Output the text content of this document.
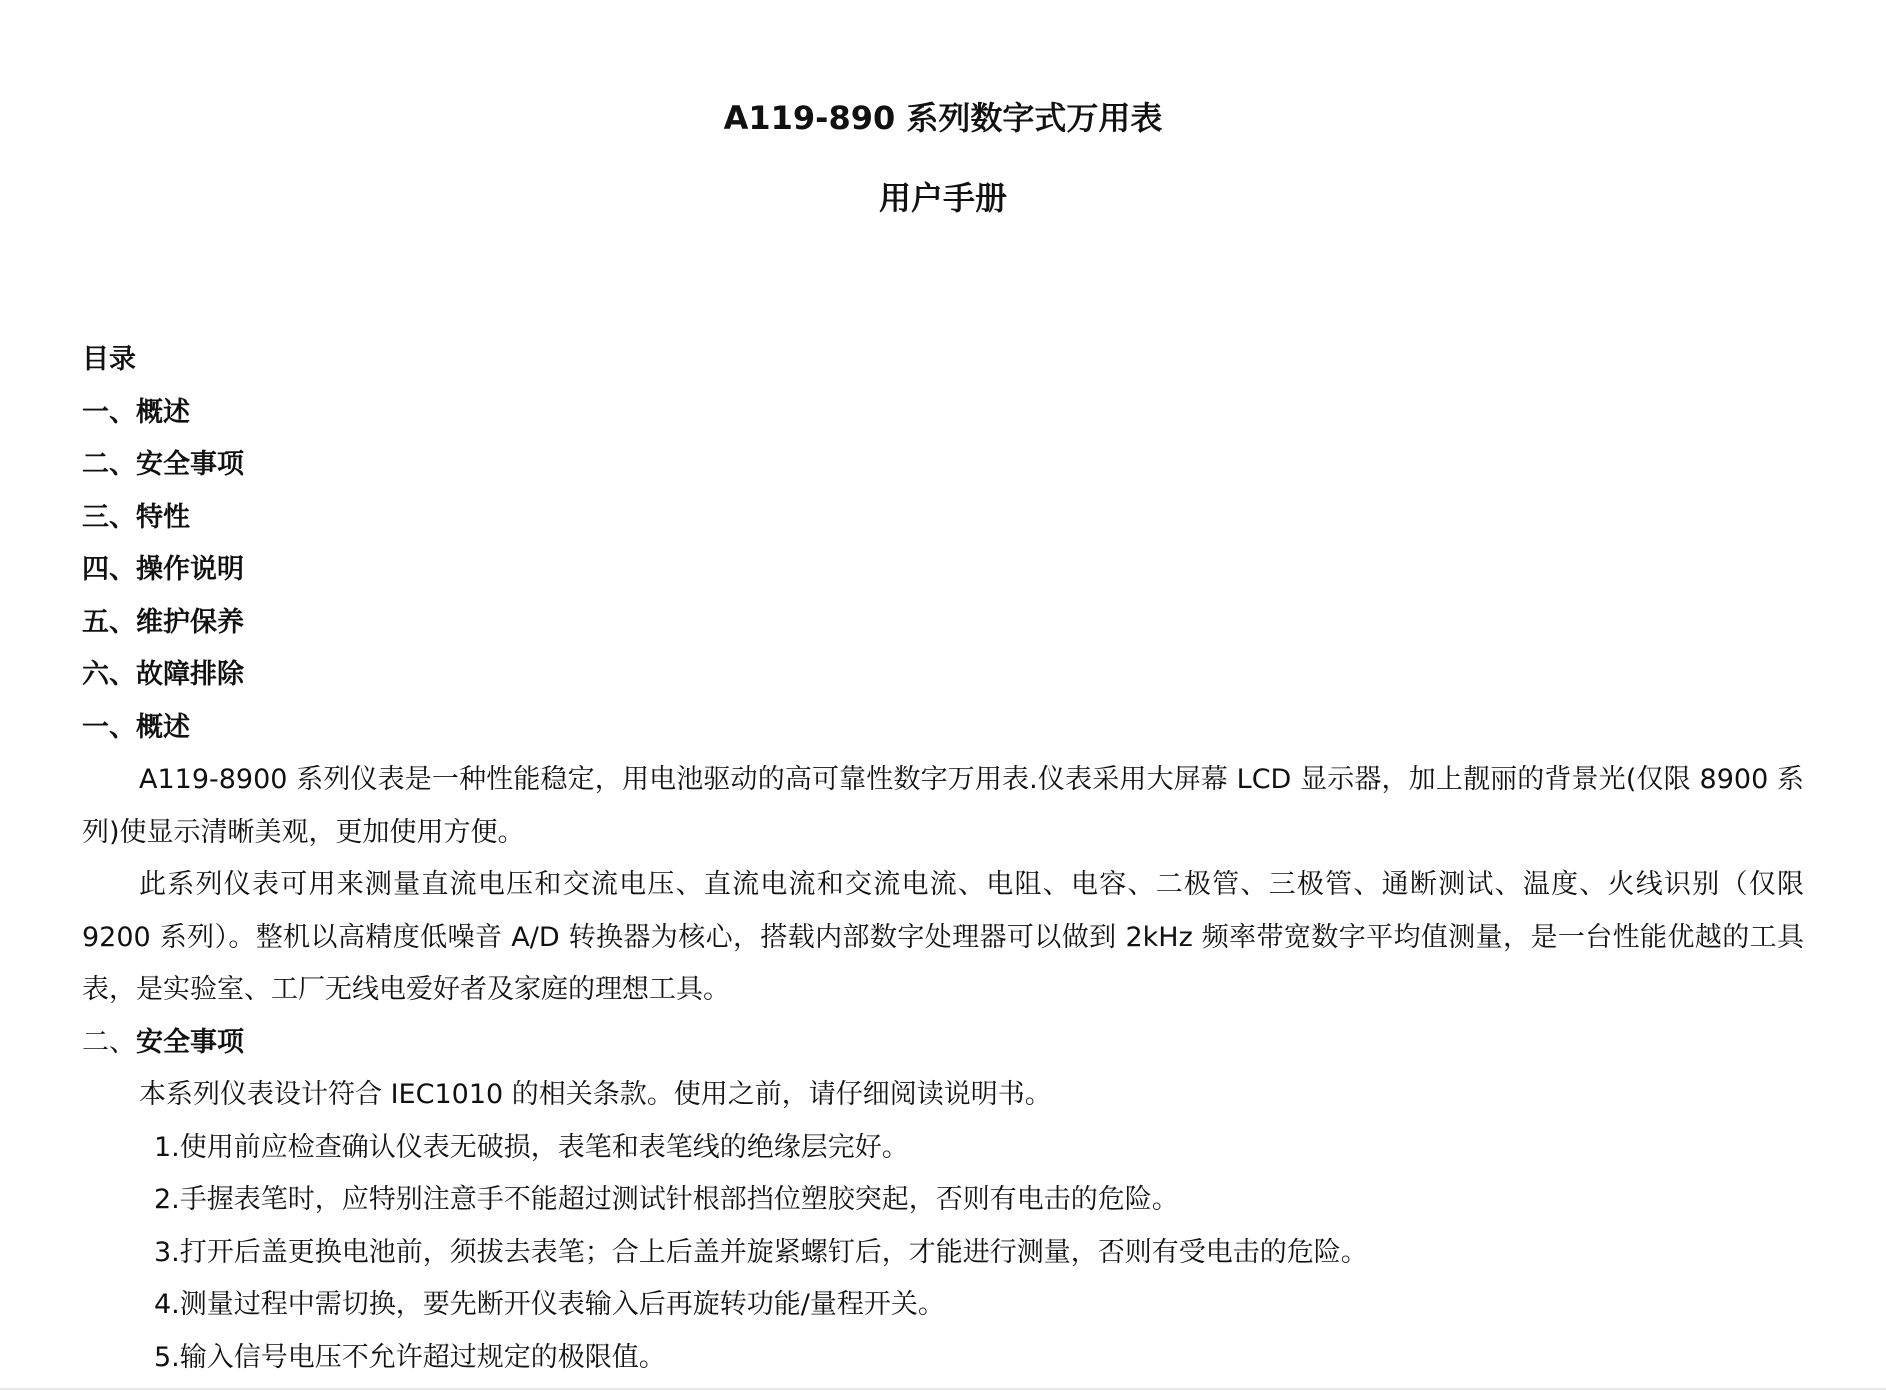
A119-890 系列数字式万用表
用户手册
目录
一、概述
二、安全事项
三、特性
四、操作说明
五、维护保养
六、故障排除
一、概述

A119-8900 系列仪表是一种性能稳定，用电池驱动的高可靠性数字万用表.仪表采用大屏幕 LCD 显示器，加上靓丽的背景光(仅限 8900 系列)使显示清晰美观，更加使用方便。

此系列仪表可用来测量直流电压和交流电压、直流电流和交流电流、电阻、电容、二极管、三极管、通断测试、温度、火线识别（仅限 9200 系列）。整机以高精度低噪音 A/D 转换器为核心，搭载内部数字处理器可以做到 2kHz 频率带宽数字平均值测量，是一台性能优越的工具表，是实验室、工厂无线电爱好者及家庭的理想工具。

二、安全事项

本系列仪表设计符合 IEC1010 的相关条款。使用之前，请仔细阅读说明书。

1.使用前应检查确认仪表无破损，表笔和表笔线的绝缘层完好。
2.手握表笔时，应特别注意手不能超过测试针根部挡位塑胶突起，否则有电击的危险。
3.打开后盖更换电池前，须拔去表笔；合上后盖并旋紧螺钉后，才能进行测量，否则有受电击的危险。
4.测量过程中需切换，要先断开仪表输入后再旋转功能/量程开关。
5.输入信号电压不允许超过规定的极限值。
